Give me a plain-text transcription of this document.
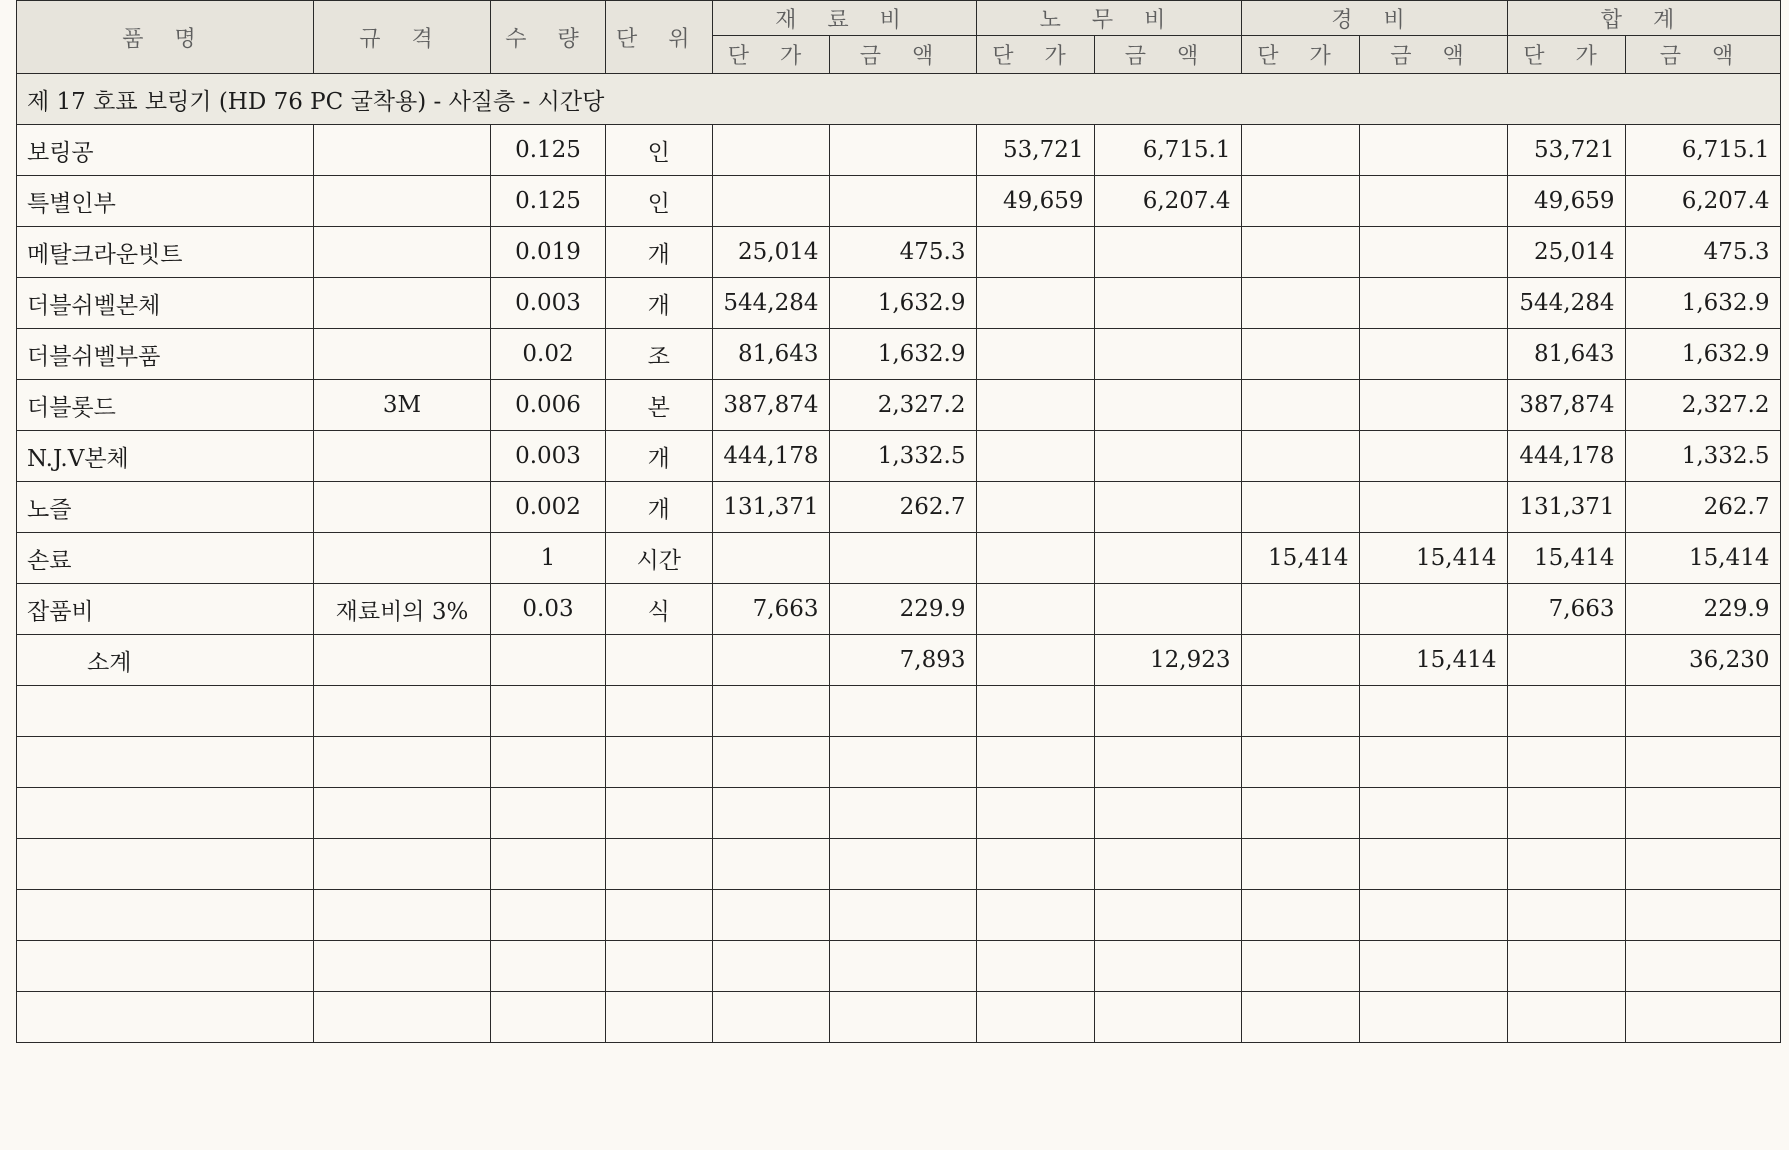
품 명	규 격	수 량	단 위	재 료 비		노 무 비		경 비		합 계	
				단 가	금 액	단 가	금 액	단 가	금 액	단 가	금 액
제 17 호표 보링기 (HD 76 PC 굴착용) - 사질층 - 시간당											
보링공		0.125	인			53,721	6,715.1			53,721	6,715.1
특별인부		0.125	인			49,659	6,207.4			49,659	6,207.4
메탈크라운빗트		0.019	개	25,014	475.3					25,014	475.3
더블쉬벨본체		0.003	개	544,284	1,632.9					544,284	1,632.9
더블쉬벨부품		0.02	조	81,643	1,632.9					81,643	1,632.9
더블롯드	3M	0.006	본	387,874	2,327.2					387,874	2,327.2
N.J.V본체		0.003	개	444,178	1,332.5					444,178	1,332.5
노즐		0.002	개	131,371	262.7					131,371	262.7
손료		1	시간					15,414	15,414	15,414	15,414
잡품비	재료비의 3%	0.03	식	7,663	229.9					7,663	229.9
소계					7,893		12,923		15,414		36,230
